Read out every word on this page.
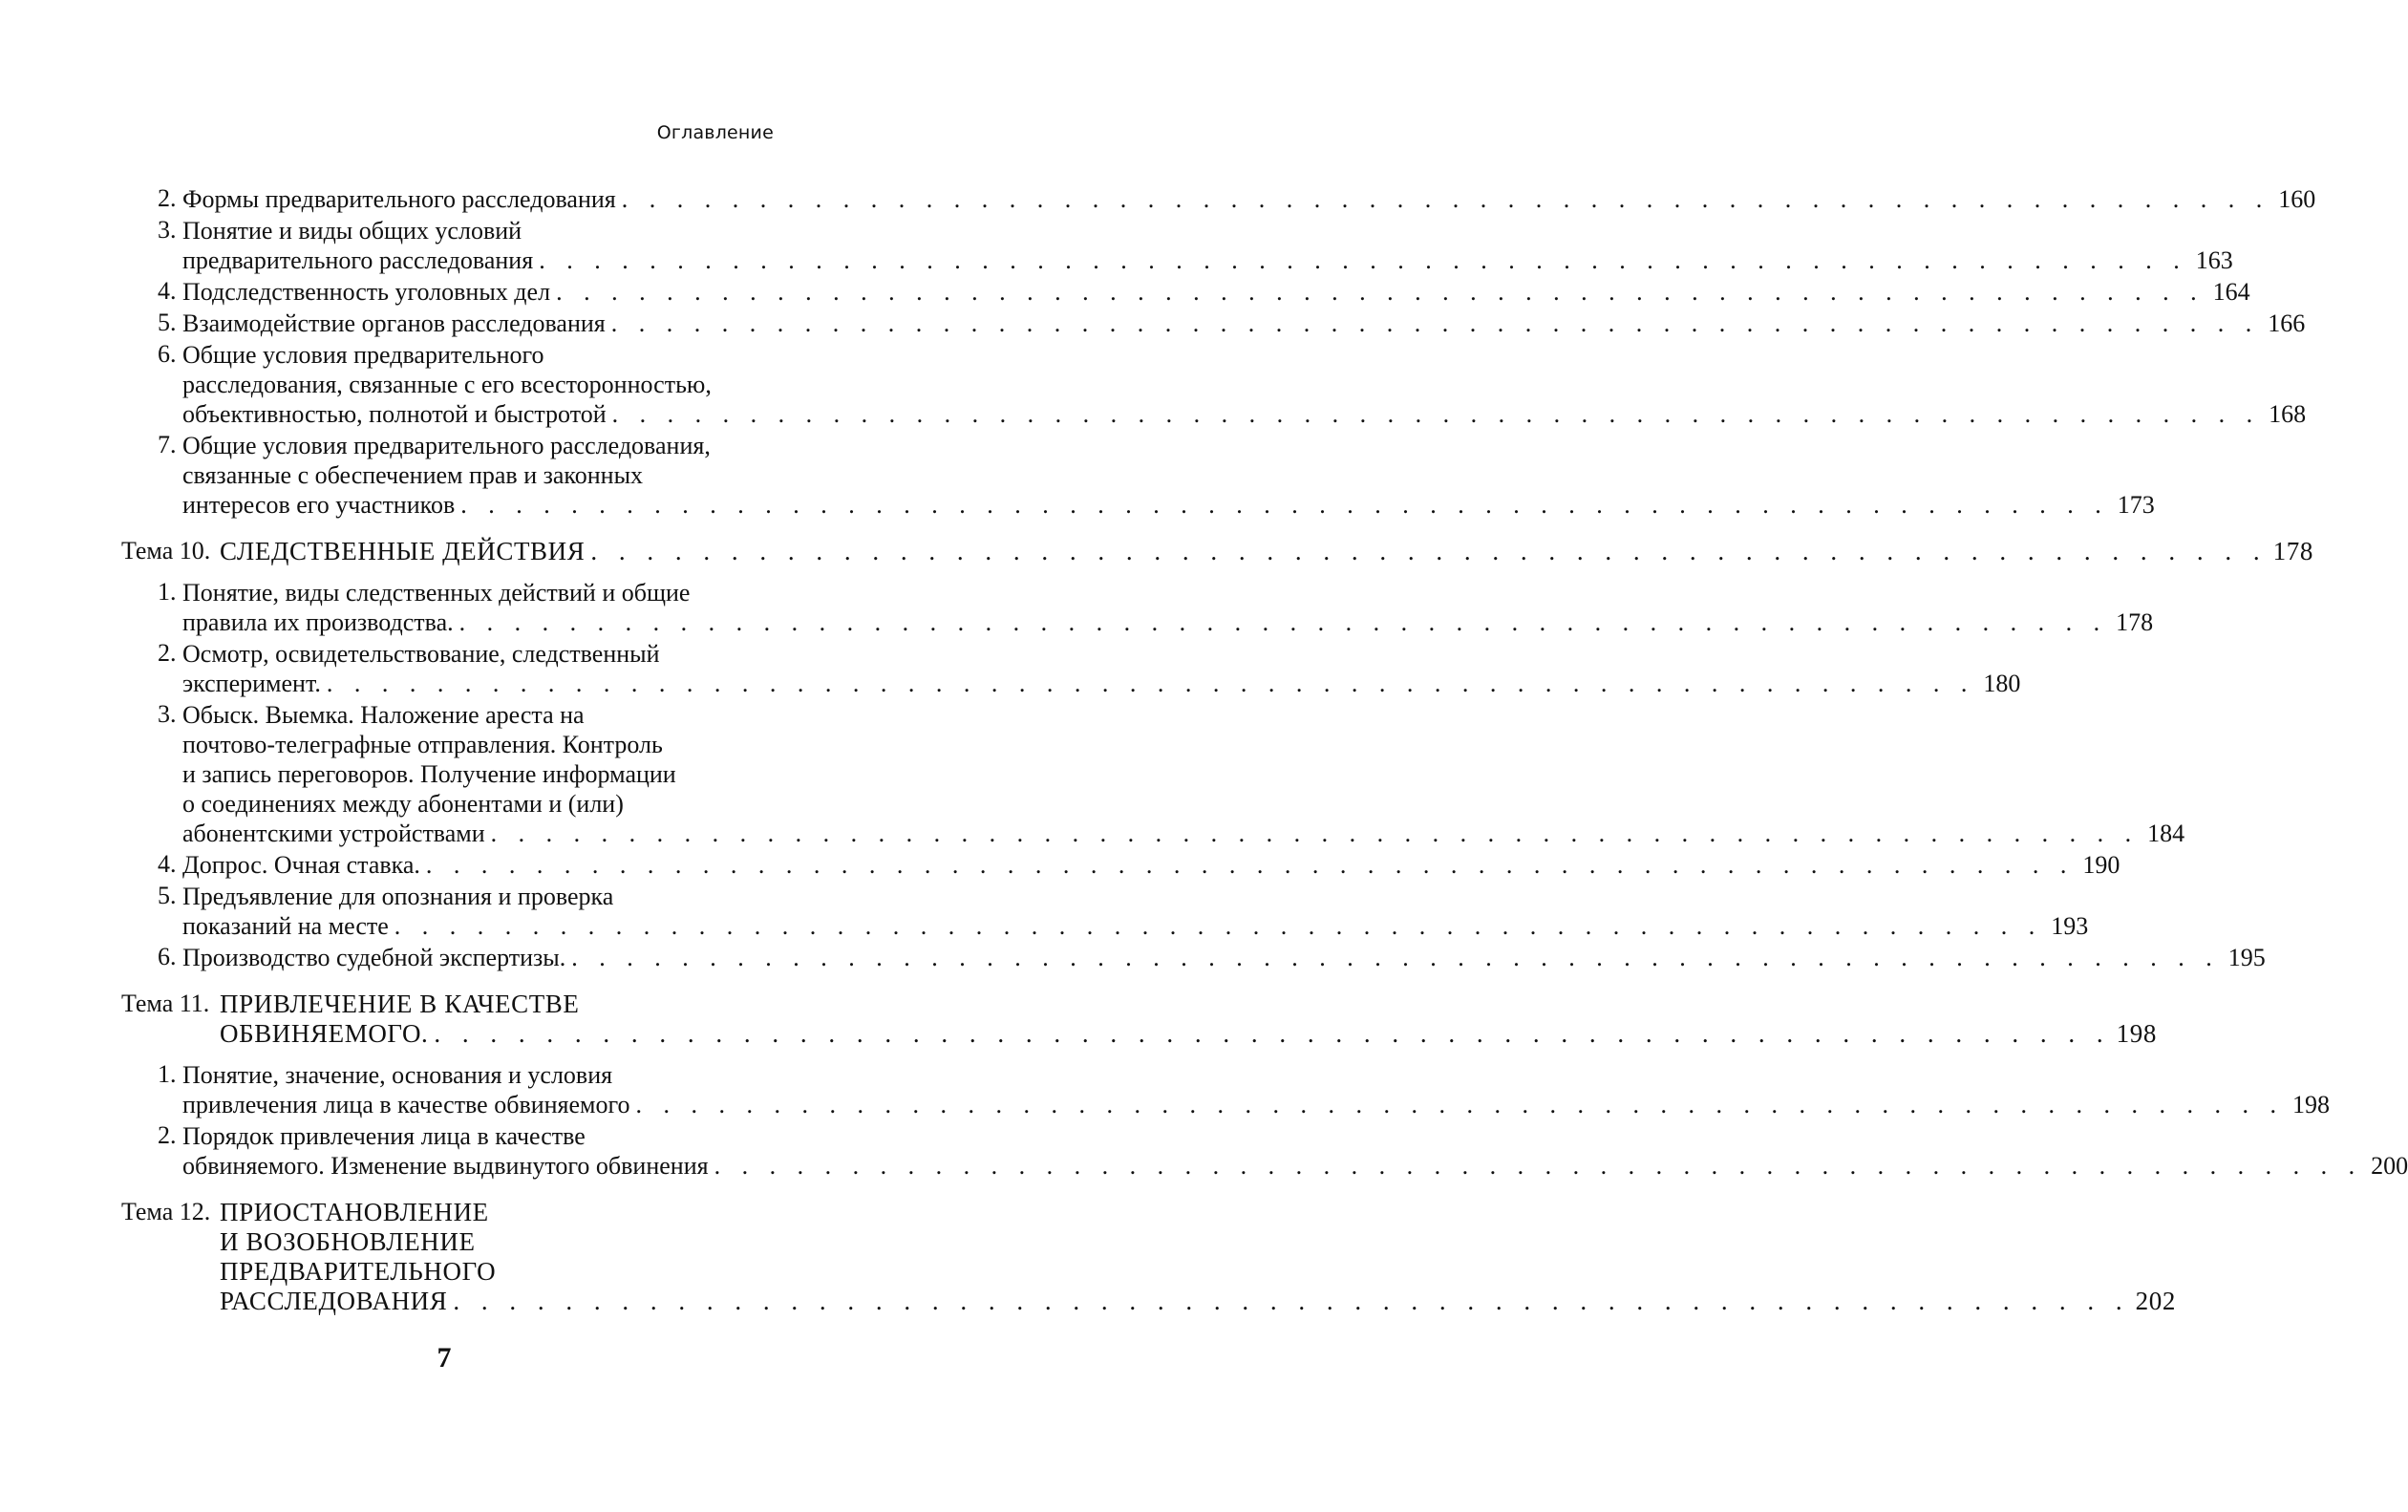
Оглавление
2. Формы предварительного расследования . . . . . . . . . . . . . . . . . . . . . . . . . . . . . . . . . . . . . . . . . . . . . . . . . . . . . . . . . . . . 160
3. Понятие и виды общих условий
предварительного расследования . . . . . . . . . . . . . . . . . . . . . . . . . . . . . . . . . . . . . . . . . . . . . . . . . . . . . . . . . . . . 163
4. Подследственность уголовных дел . . . . . . . . . . . . . . . . . . . . . . . . . . . . . . . . . . . . . . . . . . . . . . . . . . . . . . . . . . . . 164
5. Взаимодействие органов расследования . . . . . . . . . . . . . . . . . . . . . . . . . . . . . . . . . . . . . . . . . . . . . . . . . . . . . . . . . . . . 166
6. Общие условия предварительного
расследования, связанные с его всесторонностью,
объективностью, полнотой и быстротой . . . . . . . . . . . . . . . . . . . . . . . . . . . . . . . . . . . . . . . . . . . . . . . . . . . . . . . . . . . . 168
7. Общие условия предварительного расследования,
связанные с обеспечением прав и законных
интересов его участников . . . . . . . . . . . . . . . . . . . . . . . . . . . . . . . . . . . . . . . . . . . . . . . . . . . . . . . . . . . . 173
Тема 10. СЛЕДСТВЕННЫЕ ДЕЙСТВИЯ . . . . . . . . . . . . . . . . . . . . . . . . . . . . . . . . . . . . . . . . . . . . . . . . . . . . . . . . . . . . 178
1. Понятие, виды следственных действий и общие
правила их производства. . . . . . . . . . . . . . . . . . . . . . . . . . . . . . . . . . . . . . . . . . . . . . . . . . . . . . . . . . . . . 178
2. Осмотр, освидетельствование, следственный
эксперимент. . . . . . . . . . . . . . . . . . . . . . . . . . . . . . . . . . . . . . . . . . . . . . . . . . . . . . . . . . . . . 180
3. Обыск. Выемка. Наложение ареста на
почтово-телеграфные отправления. Контроль
и запись переговоров. Получение информации
о соединениях между абонентами и (или)
абонентскими устройствами . . . . . . . . . . . . . . . . . . . . . . . . . . . . . . . . . . . . . . . . . . . . . . . . . . . . . . . . . . . . 184
4. Допрос. Очная ставка. . . . . . . . . . . . . . . . . . . . . . . . . . . . . . . . . . . . . . . . . . . . . . . . . . . . . . . . . . . . . 190
5. Предъявление для опознания и проверка
показаний на месте . . . . . . . . . . . . . . . . . . . . . . . . . . . . . . . . . . . . . . . . . . . . . . . . . . . . . . . . . . . . 193
6. Производство судебной экспертизы. . . . . . . . . . . . . . . . . . . . . . . . . . . . . . . . . . . . . . . . . . . . . . . . . . . . . . . . . . . . . 195
Тема 11. ПРИВЛЕЧЕНИЕ В КАЧЕСТВЕ
ОБВИНЯЕМОГО. . . . . . . . . . . . . . . . . . . . . . . . . . . . . . . . . . . . . . . . . . . . . . . . . . . . . . . . . . . . . 198
1. Понятие, значение, основания и условия
привлечения лица в качестве обвиняемого . . . . . . . . . . . . . . . . . . . . . . . . . . . . . . . . . . . . . . . . . . . . . . . . . . . . . . . . . . . . 198
2. Порядок привлечения лица в качестве
обвиняемого. Изменение выдвинутого обвинения . . . . . . . . . . . . . . . . . . . . . . . . . . . . . . . . . . . . . . . . . . . . . . . . . . . . . . . . . . . . 200
Тема 12. ПРИОСТАНОВЛЕНИЕ
И ВОЗОБНОВЛЕНИЕ
ПРЕДВАРИТЕЛЬНОГО
РАССЛЕДОВАНИЯ . . . . . . . . . . . . . . . . . . . . . . . . . . . . . . . . . . . . . . . . . . . . . . . . . . . . . . . . . . . . 202
7
